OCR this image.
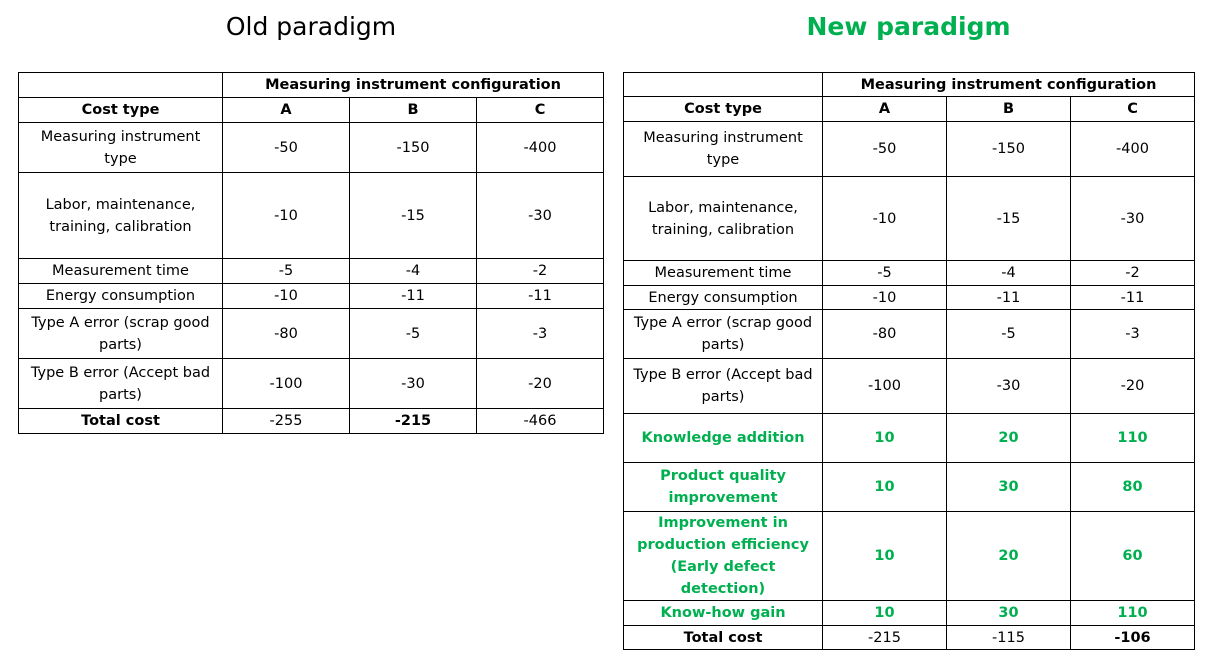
Old paradigm	New paradigm
	Measuring instrument configuration		
Cost type	A	B	C
Measuring instrument type	-50	-150	-400
Labor, maintenance, training, calibration	-10	-15	-30
Measurement time	-5	-4	-2
Energy consumption	-10	-11	-11
Type A error (scrap good parts)	-80	-5	-3
Type B error (Accept bad parts)	-100	-30	-20
Total cost	-255	-215	-466
	Measuring instrument configuration		
Cost type	A	B	C
Measuring instrument type	-50	-150	-400
Labor, maintenance, training, calibration	-10	-15	-30
Measurement time	-5	-4	-2
Energy consumption	-10	-11	-11
Type A error (scrap good parts)	-80	-5	-3
Type B error (Accept bad parts)	-100	-30	-20
Knowledge addition	10	20	110
Product quality improvement	10	30	80
Improvement in production efficiency (Early defect detection)	10	20	60
Know-how gain	10	30	110
Total cost	-215	-115	-106
